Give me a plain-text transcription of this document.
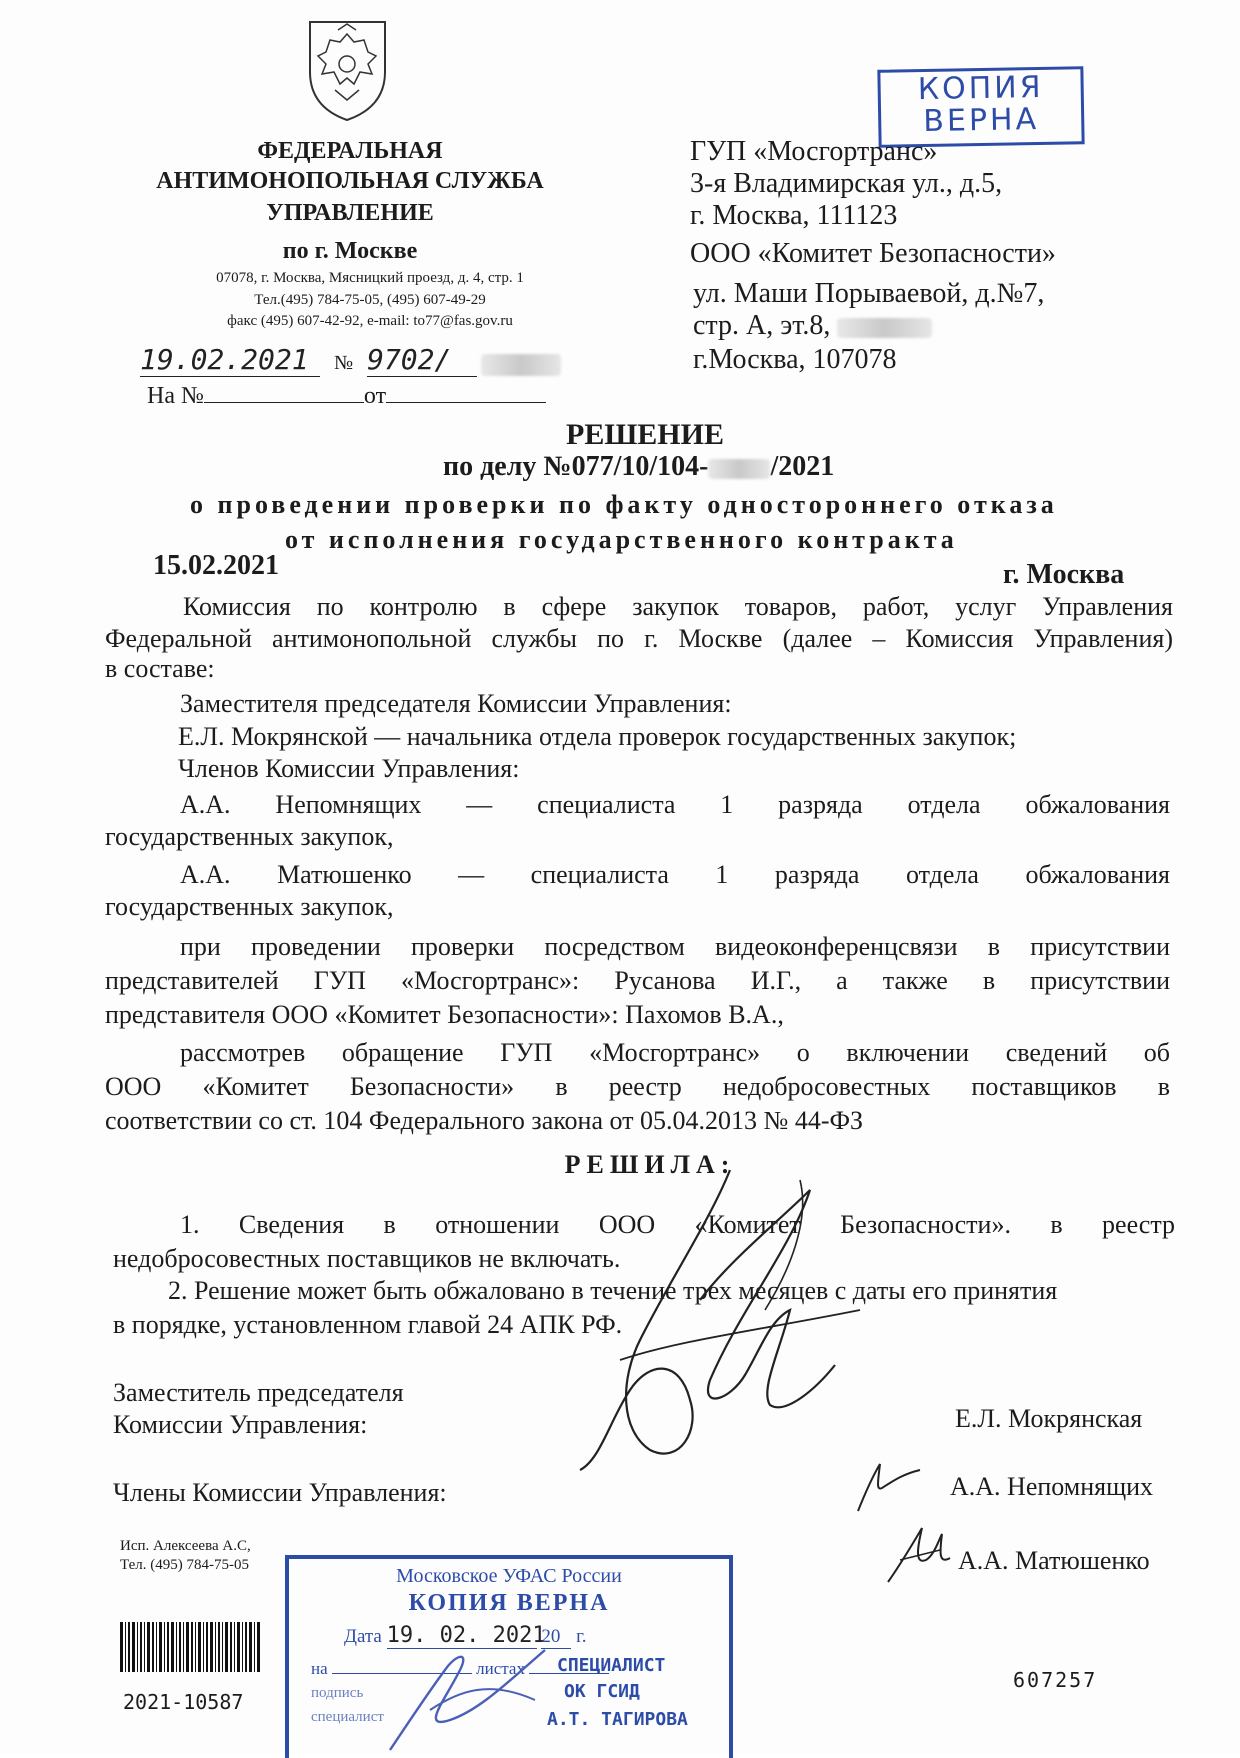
ФЕДЕРАЛЬНАЯ
АНТИМОНОПОЛЬНАЯ СЛУЖБА
УПРАВЛЕНИЕ
по г. Москве
07078, г. Москва, Мясницкий проезд, д. 4, стр. 1
Тел.(495) 784-75-05, (495) 607-49-29
факс (495) 607-42-92, e-mail: to77@fas.gov.ru
19.02.2021 № 9702/
На №	от
КОПИЯ
ВЕРНА
ГУП «Мосгортранс»
3-я Владимирская ул., д.5,
г. Москва, 111123
ООО «Комитет Безопасности»
ул. Маши Порываевой, д.№7,
стр. А, эт.8,
г.Москва, 107078
РЕШЕНИЕ
по делу №077/10/104- /2021
о проведении проверки по факту одностороннего отказа
от исполнения государственного контракта
15.02.2021	г. Москва
Комиссия по контролю в сфере закупок товаров, работ, услуг Управления
Федеральной антимонопольной службы по г. Москве (далее – Комиссия Управления)
в составе:
Заместителя председателя Комиссии Управления:
Е.Л. Мокрянской — начальника отдела проверок государственных закупок;
Членов Комиссии Управления:
А.А. Непомнящих — специалиста 1 разряда отдела обжалования
государственных закупок,
А.А. Матюшенко — специалиста 1 разряда отдела обжалования
государственных закупок,
при проведении проверки посредством видеоконференцсвязи в присутствии
представителей ГУП «Мосгортранс»: Русанова И.Г., а также в присутствии
представителя ООО «Комитет Безопасности»: Пахомов В.А.,
рассмотрев обращение ГУП «Мосгортранс» о включении сведений об
ООО «Комитет Безопасности» в реестр недобросовестных поставщиков в
соответствии со ст. 104 Федерального закона от 05.04.2013 № 44-ФЗ
РЕШИЛА:
1. Сведения в отношении ООО «Комитет Безопасности». в реестр
недобросовестных поставщиков не включать.
2. Решение может быть обжаловано в течение трех месяцев с даты его принятия
в порядке, установленном главой 24 АПК РФ.
Заместитель председателя
Комиссии Управления:	Е.Л. Мокрянская
Члены Комиссии Управления:	А.А. Непомнящих
А.А. Матюшенко
Исп. Алексеева А.С,
Тел. (495) 784-75-05
2021-10587
607257
Московское УФАС России
КОПИЯ ВЕРНА
Дата 19. 02. 2021 20 г.
на	листах
подпись
специалист
СПЕЦИАЛИСТ
ОК ГСИД
А.Т. ТАГИРОВА
